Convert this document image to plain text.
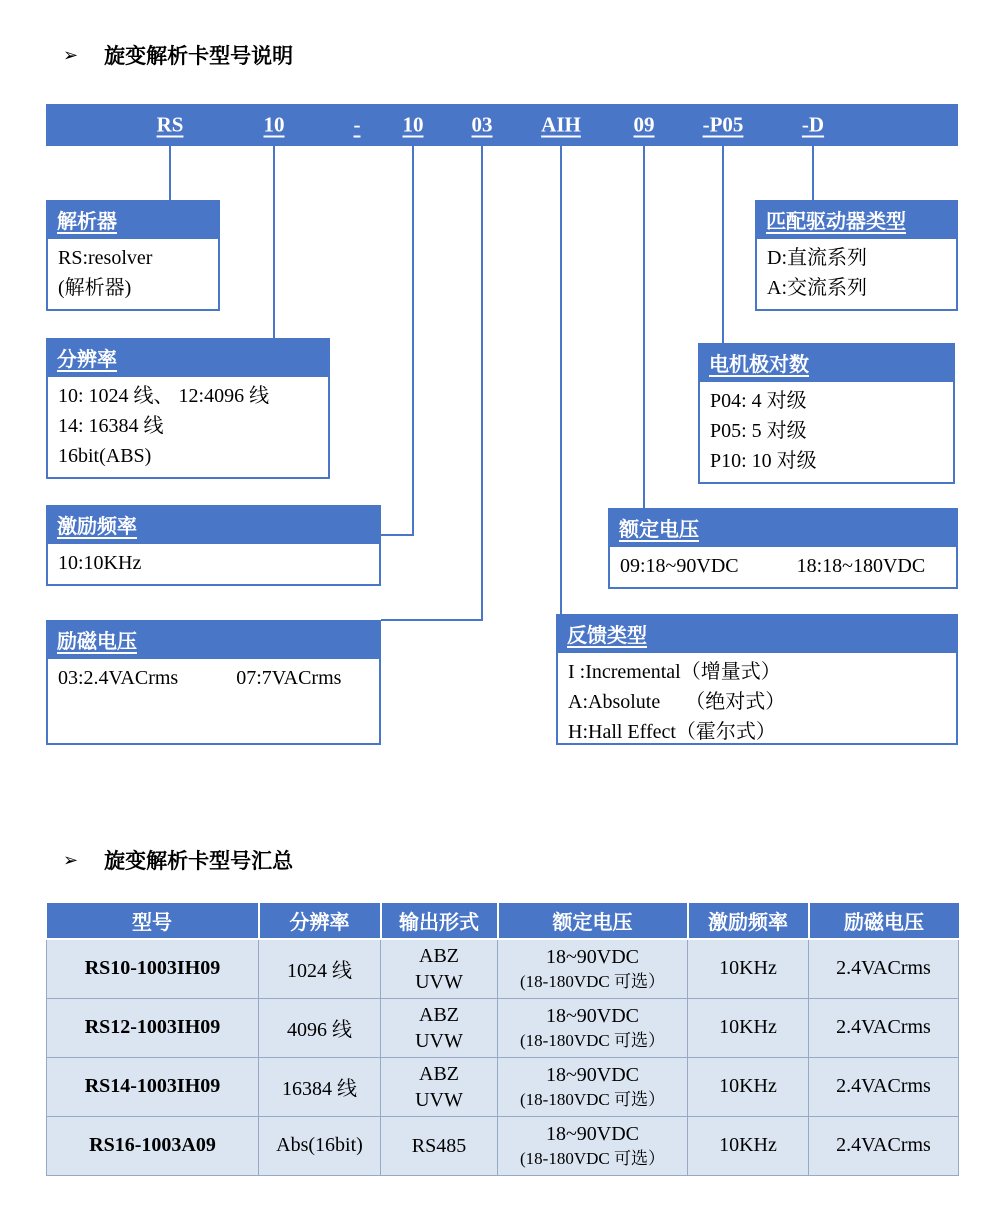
➢ 旋变解析卡型号说明
RS	10	- 10 03 AIH	09 -P05	-D
解析器
RS:resolver
(解析器)
匹配驱动器类型
D:直流系列
A:交流系列
分辨率
10: 1024 线、 12:4096 线
14: 16384 线
16bit(ABS)
电机极对数
P04: 4 对级
P05: 5 对级
P10: 10 对级
激励频率
10:10KHz
额定电压
09:18~90VDC	18:18~180VDC
励磁电压
03:2.4VACrms	07:7VACrms
反馈类型
I :Incremental（增量式）
A:Absolute　 （绝对式）
H:Hall Effect（霍尔式）
➢ 旋变解析卡型号汇总
型号	分辨率	输出形式	额定电压	激励频率	励磁电压
RS10-1003IH09	1024 线	ABZ
UVW	18~90VDC
(18-180VDC 可选）	10KHz	2.4VACrms
RS12-1003IH09	4096 线	ABZ
UVW	18~90VDC
(18-180VDC 可选）	10KHz	2.4VACrms
RS14-1003IH09	16384 线	ABZ
UVW	18~90VDC
(18-180VDC 可选）	10KHz	2.4VACrms
RS16-1003A09	Abs(16bit)	RS485	18~90VDC
(18-180VDC 可选）	10KHz	2.4VACrms
